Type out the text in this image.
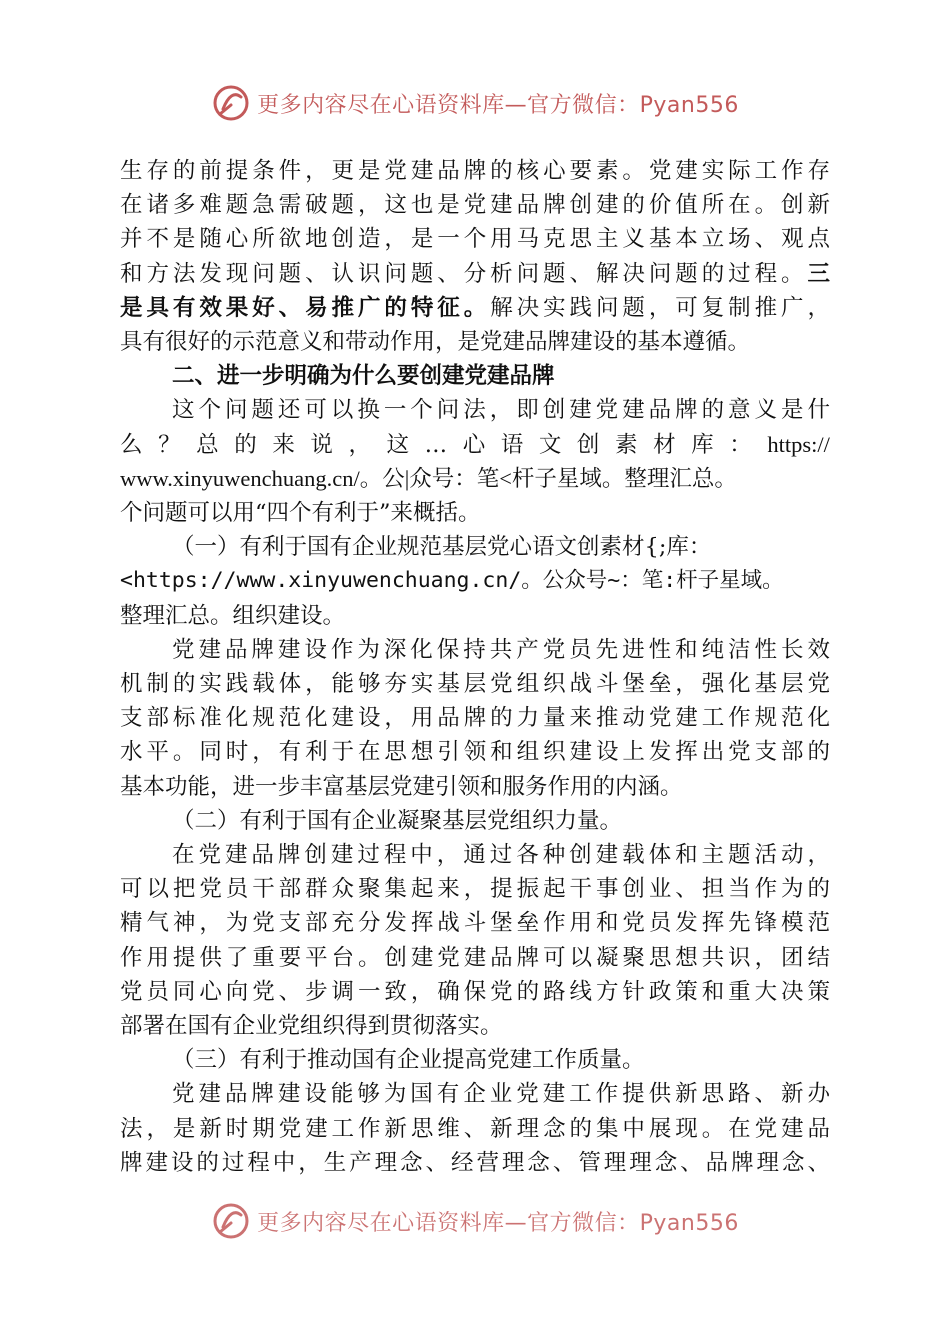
更多内容尽在心语资料库—官方微信：Pyan556

生存的前提条件，更是党建品牌的核心要素。党建实际工作存

在诸多难题急需破题，这也是党建品牌创建的价值所在。创新

并不是随心所欲地创造，是一个用马克思主义基本立场、观点

和方法发现问题、认识问题、分析问题、解决问题的过程。三

是具有效果好、易推广的特征。解决实践问题，可复制推广，

具有很好的示范意义和带动作用，是党建品牌建设的基本遵循。

二、进一步明确为什么要创建党建品牌

这个问题还可以换一个问法，即创建党建品牌的意义是什

么 ？ 总 的 来 说 ， 这 … 心 语 文 创 素 材 库 ： https://

www.xinyuwenchuang.cn/。公|众号：笔<杆子星域。整理汇总。

个问题可以用“四个有利于”来概括。

（一）有利于国有企业规范基层党心语文创素材{;库：

<https://www.xinyuwenchuang.cn/。公众号~：笔:杆子星域。

整理汇总。组织建设。

党建品牌建设作为深化保持共产党员先进性和纯洁性长效

机制的实践载体，能够夯实基层党组织战斗堡垒，强化基层党

支部标准化规范化建设，用品牌的力量来推动党建工作规范化

水平。同时，有利于在思想引领和组织建设上发挥出党支部的

基本功能，进一步丰富基层党建引领和服务作用的内涵。

（二）有利于国有企业凝聚基层党组织力量。

在党建品牌创建过程中，通过各种创建载体和主题活动，

可以把党员干部群众聚集起来，提振起干事创业、担当作为的

精气神，为党支部充分发挥战斗堡垒作用和党员发挥先锋模范

作用提供了重要平台。创建党建品牌可以凝聚思想共识，团结

党员同心向党、步调一致，确保党的路线方针政策和重大决策

部署在国有企业党组织得到贯彻落实。

（三）有利于推动国有企业提高党建工作质量。

党建品牌建设能够为国有企业党建工作提供新思路、新办

法，是新时期党建工作新思维、新理念的集中展现。在党建品

牌建设的过程中，生产理念、经营理念、管理理念、品牌理念、

更多内容尽在心语资料库—官方微信：Pyan556
